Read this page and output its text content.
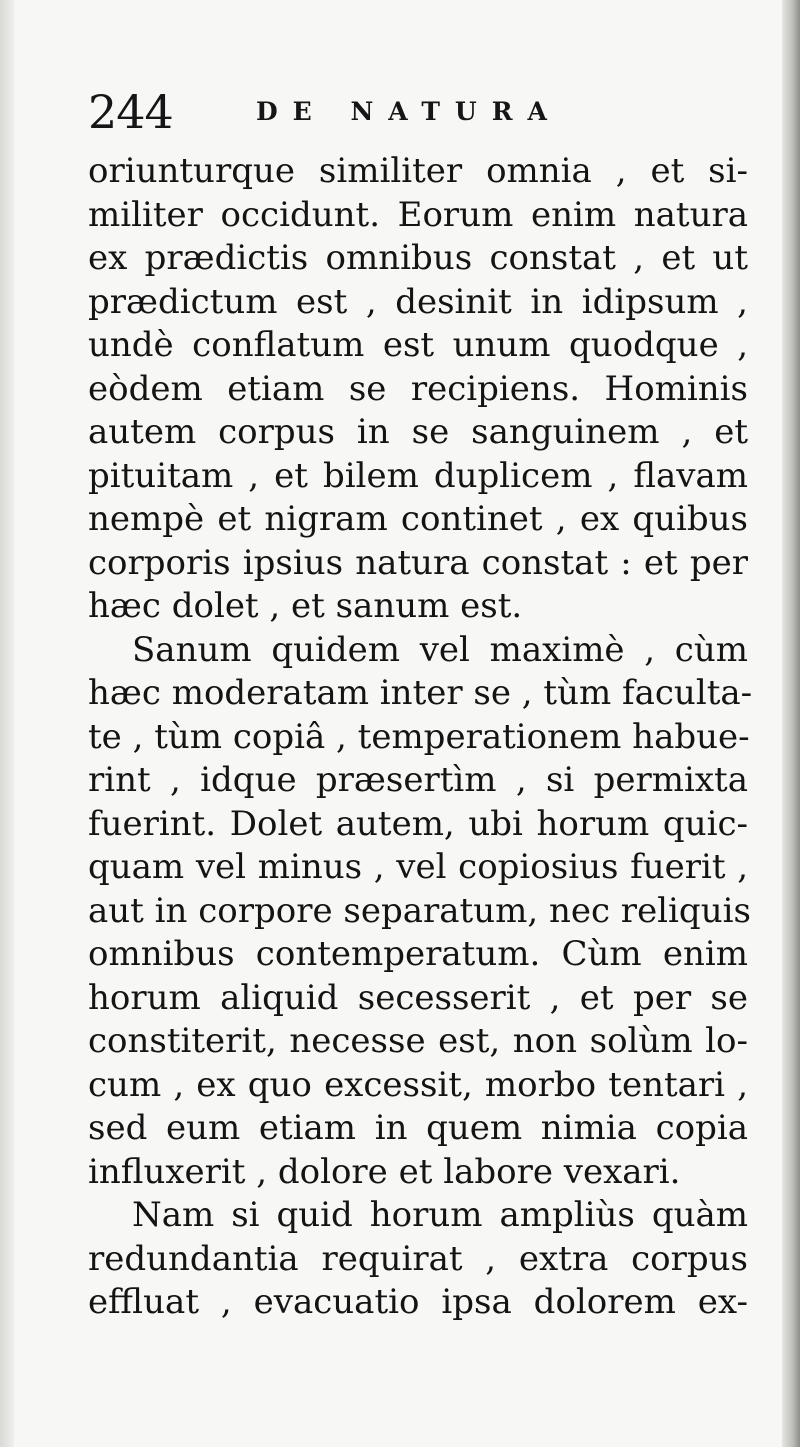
244	DE NATURA
oriunturque similiter omnia , et si-
militer occidunt. Eorum enim natura
ex prædictis omnibus constat , et ut
prædictum est , desinit in idipsum ,
undè conflatum est unum quodque ,
eòdem etiam se recipiens. Hominis
autem corpus in se sanguinem , et
pituitam , et bilem duplicem , flavam
nempè et nigram continet , ex quibus
corporis ipsius natura constat : et per
hæc dolet , et sanum est.
Sanum quidem vel maximè , cùm
hæc moderatam inter se , tùm faculta-
te , tùm copiâ , temperationem habue-
rint , idque præsertìm , si permixta
fuerint. Dolet autem, ubi horum quic-
quam vel minus , vel copiosius fuerit ,
aut in corpore separatum, nec reliquis
omnibus contemperatum. Cùm enim
horum aliquid secesserit , et per se
constiterit, necesse est, non solùm lo-
cum , ex quo excessit, morbo tentari ,
sed eum etiam in quem nimia copia
influxerit , dolore et labore vexari.
Nam si quid horum ampliùs quàm
redundantia requirat , extra corpus
effluat , evacuatio ipsa dolorem ex-
